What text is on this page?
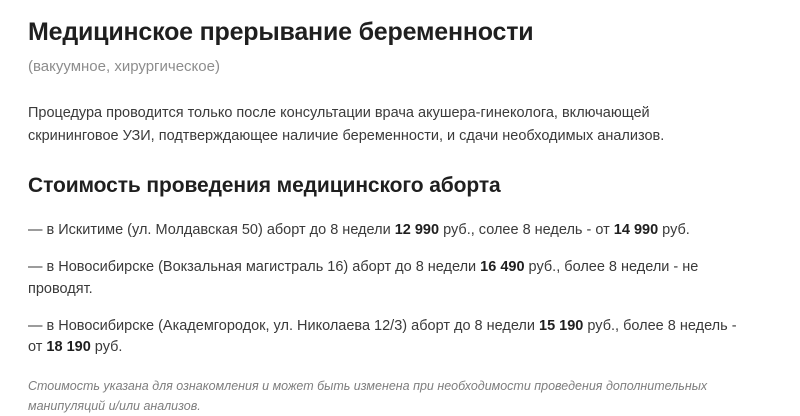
Медицинское прерывание беременности
(вакуумное, хирургическое)

Процедура проводится только после консультации врача акушера-гинеколога, включающей скрининговое УЗИ, подтверждающее наличие беременности, и сдачи необходимых анализов.

Стоимость проведения медицинского аборта
— в Искитиме (ул. Молдавская 50) аборт до 8 недели 12 990 руб., солее 8 недель - от 14 990 руб.
— в Новосибирске (Вокзальная магистраль 16) аборт до 8 недели 16 490 руб., более 8 недели - не проводят.
— в Новосибирске (Академгородок, ул. Николаева 12/3) аборт до 8 недели 15 190 руб., более 8 недель - от 18 190 руб.

Стоимость указана для ознакомления и может быть изменена при необходимости проведения дополнительных манипуляций и/или анализов.
